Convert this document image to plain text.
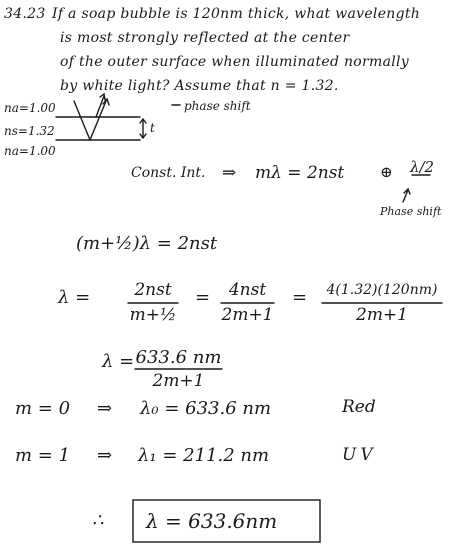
34.23 If a soap bubble is 120nm thick, what wavelength
is most strongly reflected at the center
of the outer surface when illuminated normally
by white light? Assume that n = 1.32.
na=1.00
ns=1.32
na=1.00
phase shift
t
Const. Int. ⇒ mλ = 2nst ⊕ λ/2
Phase shift
(m+½)λ = 2nst
λ =	2nst
m+½
=	4nst
2m+1
=	4(1.32)(120nm)
2m+1
λ = 633.6 nm
2m+1
m = 0 ⇒ λ₀ = 633.6 nm	Red
m = 1 ⇒ λ₁ = 211.2 nm	UV
∴ λ = 633.6nm
